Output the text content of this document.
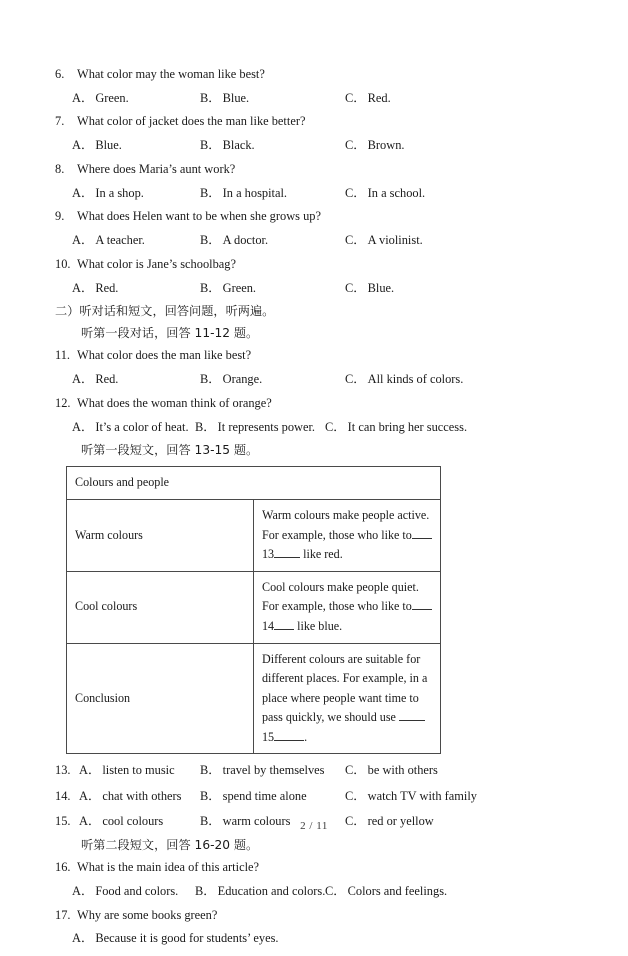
6.	What color may the woman like best?
A． Green.	B． Blue.	C． Red.
7.	What color of jacket does the man like better?
A． Blue.	B． Black.	C． Brown.
8.	Where does Maria’s aunt work?
A． In a shop.	B． In a hospital.	C． In a school.
9.	What does Helen want to be when she grows up?
A． A teacher.	B． A doctor.	C． A violinist.
10. What color is Jane’s schoolbag?
A． Red.	B． Green.	C． Blue.
二）听对话和短文，回答问题，听两遍。
听第一段对话，回答 11-12 题。
11. What color does the man like best?
A． Red.	B． Orange.	C． All kinds of colors.
12. What does the woman think of orange?
A． It’s a color of heat. B． It represents power. C． It can bring her success.
听第一段短文，回答 13-15 题。
Colours and people	
Warm colours	Warm colours make people active. For example, those who like to13 like red.
Cool colours	Cool colours make people quiet. For example, those who like to14 like blue.
Conclusion	Different colours are suitable for different places. For example, in a place where people want time to pass quickly, we should use 15 .
13. A． listen to music B． travel by themselves C． be with others
14. A． chat with others B． spend time alone	C． watch TV with family
15. A． cool colours	B． warm colours	C． red or yellow
听第二段短文，回答 16-20 题。
16. What is the main idea of this article?
A． Food and colors. B． Education and colors. C． Colors and feelings.
17. Why are some books green?
A． Because it is good for students’ eyes.
2 / 11
